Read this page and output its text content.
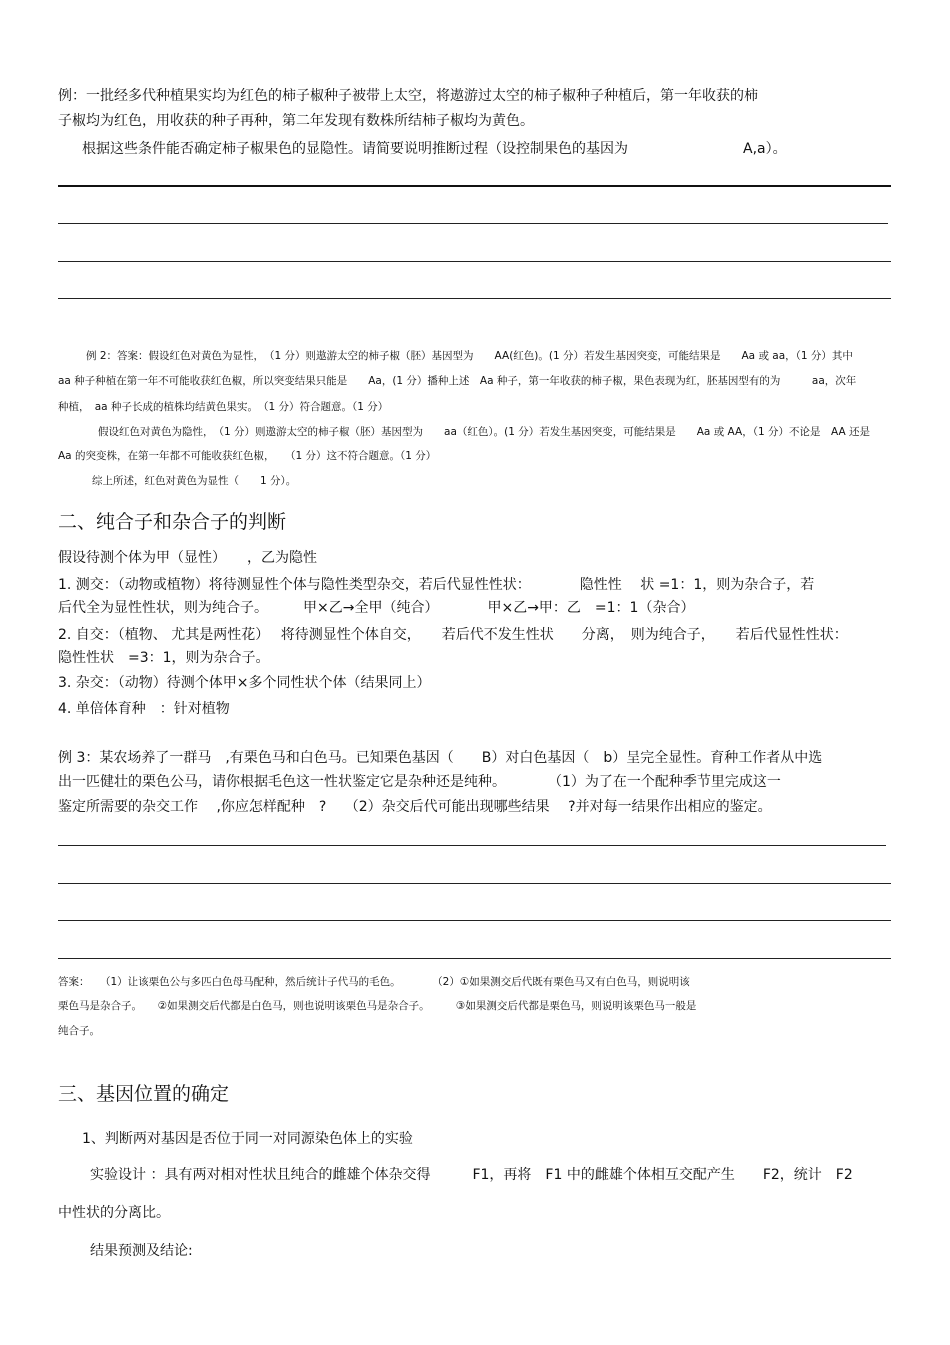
例：一批经多代种植果实均为红色的柿子椒种子被带上太空，将遨游过太空的柿子椒种子种植后，第一年收获的柿

子椒均为红色，用收获的种子再种，第二年发现有数株所结柿子椒均为黄色。

根据这些条件能否确定柿子椒果色的显隐性。请简要说明推断过程（设控制果色的基因为	A,a）。

例 2：答案：假设红色对黄色为显性，　（1 分）则遨游太空的柿子椒（胚）基因型为　　AA(红色)。(1 分）若发生基因突变，可能结果是　　Aa 或 aa，（1 分）其中

aa 种子种植在第一年不可能收获红色椒，所以突变结果只能是　　Aa，(1 分）播种上述　Aa 种子，第一年收获的柿子椒，果色表现为红，胚基因型有的为　　　aa，次年

种植，　aa 种子长成的植株均结黄色果实。　（1 分）符合题意。（1 分）

假设红色对黄色为隐性，　（1 分）则遨游太空的柿子椒（胚）基因型为　　aa（红色）。(1 分）若发生基因突变，可能结果是　　Aa 或 AA，（1 分）不论是　AA 还是

Aa 的突变株，在第一年都不可能收获红色椒，　　（1 分）这不符合题意。（1 分）

综上所述，红色对黄色为显性（　　1 分）。

二、纯合子和杂合子的判断

假设待测个体为甲（显性）　　，乙为隐性

1. 测交：（动物或植物）将待测显性个体与隐性类型杂交，若后代显性性状：　　　　隐性性　 状 =1：1，则为杂合子，若

后代全为显性性状，则为纯合子。　　　甲×乙→全甲（纯合）　　　　甲×乙→甲：乙　=1：1（杂合）

2. 自交：（植物、 尤其是两性花）　 将待测显性个体自交，　　若后代不发生性状　　分离，　则为纯合子，　　若后代显性性状：

隐性性状　=3：1，则为杂合子。

3. 杂交：（动物）待测个体甲×多个同性状个体（结果同上）

4. 单倍体育种　：针对植物

例 3：某农场养了一群马　,有栗色马和白色马。已知栗色基因（　　B）对白色基因（　b）呈完全显性。育种工作者从中选

出一匹健壮的栗色公马，请你根据毛色这一性状鉴定它是杂种还是纯种。　　　　（1）为了在一个配种季节里完成这一

鉴定所需要的杂交工作　 ,你应怎样配种　?　 （2）杂交后代可能出现哪些结果　 ?并对每一结果作出相应的鉴定。

答案：　　（1）让该栗色公与多匹白色母马配种，然后统计子代马的毛色。　　　　（2）①如果测交后代既有栗色马又有白色马，则说明该

栗色马是杂合子。　　②如果测交后代都是白色马，则也说明该栗色马是杂合子。　　　③如果测交后代都是栗色马，则说明该栗色马一般是

纯合子。

三、基因位置的确定

1、判断两对基因是否位于同一对同源染色体上的实验

实验设计 ：具有两对相对性状且纯合的雌雄个体杂交得　　　F1，再将　F1 中的雌雄个体相互交配产生　　F2，统计　F2

中性状的分离比。

结果预测及结论:
